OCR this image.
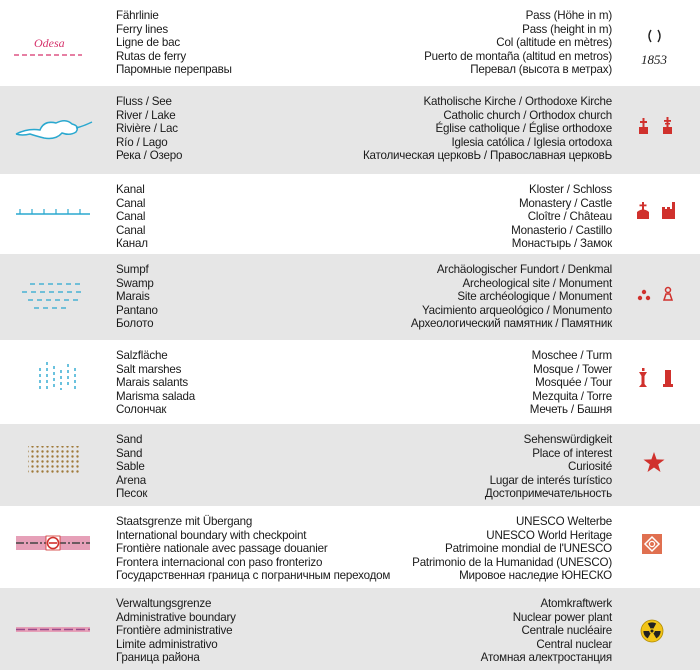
Odesa
Fährlinie
Ferry lines
Ligne de bac
Rutas de ferry
Паромные переправы
Pass (Höhe in m)
Pass (height in m)
Col (altitude en mètres)
Puerto de montaña (altitud en metros)
Перевал (высота в метрах)
1853
Fluss / See
River / Lake
Rivière / Lac
Río / Lago
Река / Озеро
Katholische Kirche / Orthodoxe Kirche
Catholic church / Orthodox church
Église catholique / Église orthodoxe
Iglesia católica / Iglesia ortodoxa
Католическая церковЬ / Православная церковЬ
Kanal
Canal
Canal
Canal
Канал
Kloster / Schloss
Monastery / Castle
Cloître / Château
Monasterio / Castillo
Монастырь / Замок
Sumpf
Swamp
Marais
Pantano
Болото
Archäologischer Fundort / Denkmal
Archeological site / Monument
Site archéologique / Monument
Yacimiento arqueológico / Monumento
Археологический памятник / Памятник
Salzfläche
Salt marshes
Marais salants
Marisma salada
Солончак
Moschee / Turm
Mosque / Tower
Mosquée / Tour
Mezquita / Torre
Мечеть / Башня
Sand
Sand
Sable
Arena
Песок
Sehenswürdigkeit
Place of interest
Curiosité
Lugar de interés turístico
Достопримечательность
Staatsgrenze mit Übergang
International boundary with checkpoint
Frontière nationale avec passage douanier
Frontera internacional con paso fronterizo
Государственная граница с пограничным переходом
UNESCO Welterbe
UNESCO World Heritage
Patrimoine mondial de l'UNESCO
Patrimonio de la Humanidad (UNESCO)
Мировое наследие ЮНЕСКО
Verwaltungsgrenze
Administrative boundary
Frontière administrative
Limite administrativo
Граница района
Atomkraftwerk
Nuclear power plant
Centrale nucléaire
Central nuclear
Атомная алектростанция
